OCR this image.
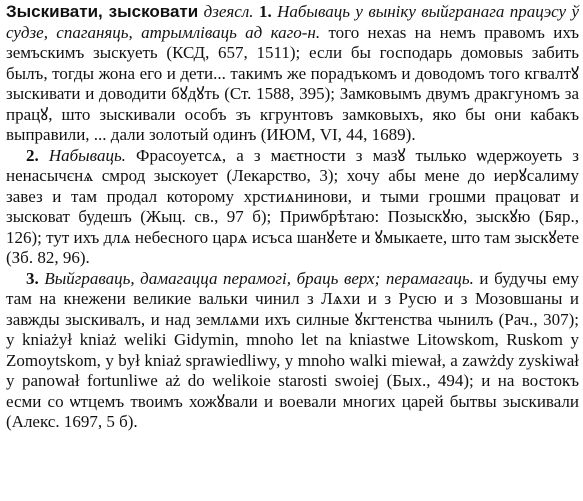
Зыскивати, зысковати дзеясл. 1. Набываць у выніку выйгранага працэсу ў судзе, спаганяць, атрымліваць ад каго-н. того нехаѕ на немъ правомъ ихъ земъскимъ зыскуеть (КСД, 657, 1511); если бы господарь домовыѕ забить былъ, тогды жона его и дети... такимъ же порадъкомъ и доводомъ того кгвалтꙋ зыскивати и доводити бꙋдꙋть (Ст. 1588, 395); Замковымъ двумъ дракгуномъ за працꙋ, што зыскивали особъ зъ кгрунтовъ замковыхъ, яко бы они кабакъ выправили, ... дали золотый одинъ (ИЮМ, VI, 44, 1689).

2. Набываць. Фрасоуетсѧ, а з маєтности з мазꙋ тылько ѡдержоуеть з ненасычєнѧ смрод зыскоует (Лекарство, 3); хочу абы мене до иерꙋсалиму завез и там продал которому хрстиѧнинови, и тыми грошми працоват и зысковат будешъ (Жыц. св., 97 б); Приѡбрѣтаю: Позыскꙋю, зыскꙋю (Бяр., 126); тут ихъ длѧ небесного царѧ исъса шанꙋете и ꙋмыкаете, што там зыскꙋете (Зб. 82, 96).

3. Выйграваць, дамагацца перамогі, браць верх; перамагаць. и будучы ему там на кнежени великие вальки чинил з Лѧхи и з Русю и з Мозовшаны и завжды зыскивалъ, и над землѧми ихъ силные ꙋкгтенства чынилъ (Рач., 307); у kniażył kniaż weliki Gidymin, mnoho let na kniastwe Litowskom, Ruskom y Zomoytskom, y był kniaż sprawiedliwy, y mnoho walki miewał, a zawżdy zyskiwał y panował fortunliwe aż do welikoie starosti swoiej (Бых., 494); и на востокъ есми со ѡтцемъ твоимъ хожꙋвали и воевали многих царей бытвы зыскивали (Алекс. 1697, 5 б).
